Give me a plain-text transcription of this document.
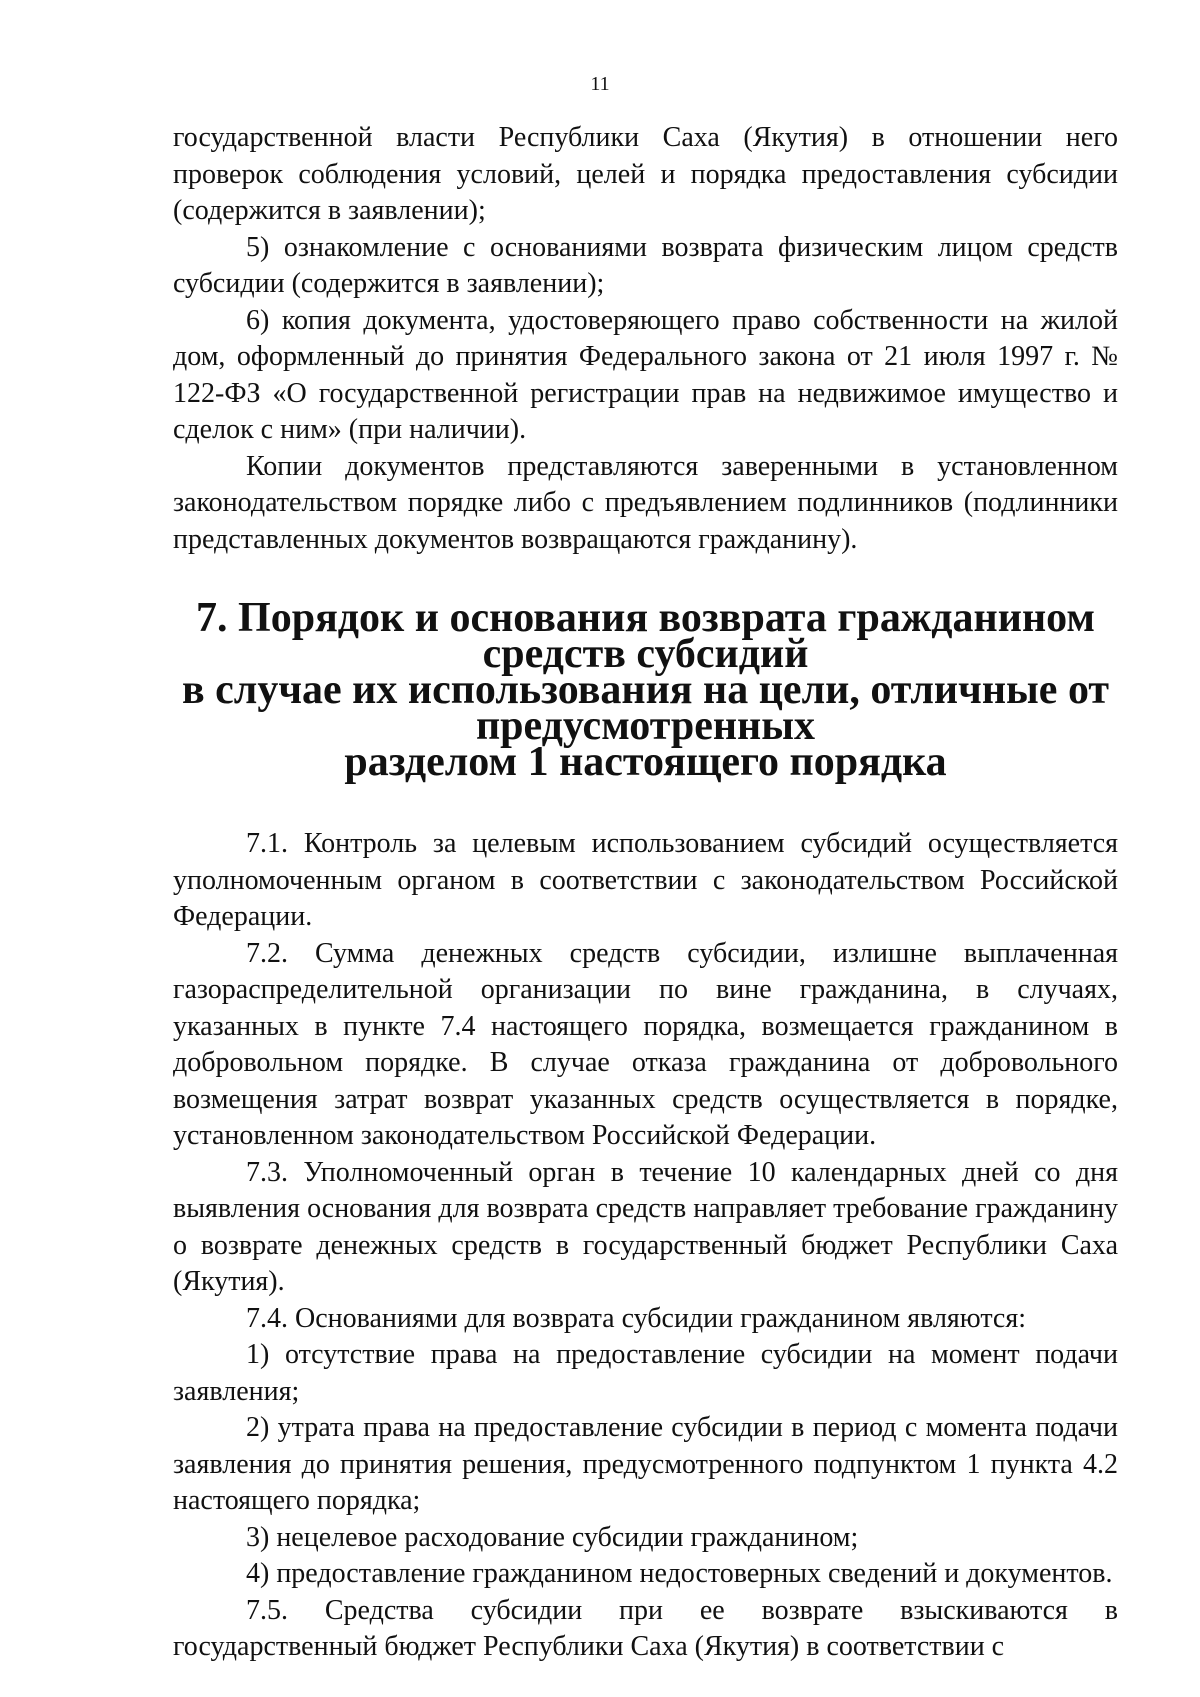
11

государственной власти Республики Саха (Якутия) в отношении него проверок соблюдения условий, целей и порядка предоставления субсидии (содержится в заявлении);

5) ознакомление с основаниями возврата физическим лицом средств субсидии (содержится в заявлении);

6) копия документа, удостоверяющего право собственности на жилой дом, оформленный до принятия Федерального закона от 21 июля 1997 г. № 122-ФЗ «О государственной регистрации прав на недвижимое имущество и сделок с ним» (при наличии).

Копии документов представляются заверенными в установленном законодательством порядке либо с предъявлением подлинников (подлинники представленных документов возвращаются гражданину).

7. Порядок и основания возврата гражданином средств субсидий
в случае их использования на цели, отличные от предусмотренных
разделом 1 настоящего порядка

7.1. Контроль за целевым использованием субсидий осуществляется уполномоченным органом в соответствии с законодательством Российской Федерации.

7.2. Сумма денежных средств субсидии, излишне выплаченная газораспределительной организации по вине гражданина, в случаях, указанных в пункте 7.4 настоящего порядка, возмещается гражданином в добровольном порядке. В случае отказа гражданина от добровольного возмещения затрат возврат указанных средств осуществляется в порядке, установленном законодательством Российской Федерации.

7.3. Уполномоченный орган в течение 10 календарных дней со дня выявления основания для возврата средств направляет требование гражданину о возврате денежных средств в государственный бюджет Республики Саха (Якутия).

7.4. Основаниями для возврата субсидии гражданином являются:

1) отсутствие права на предоставление субсидии на момент подачи заявления;

2) утрата права на предоставление субсидии в период с момента подачи заявления до принятия решения, предусмотренного подпунктом 1 пункта 4.2 настоящего порядка;

3) нецелевое расходование субсидии гражданином;

4) предоставление гражданином недостоверных сведений и документов.

7.5. Средства субсидии при ее возврате взыскиваются в государственный бюджет Республики Саха (Якутия) в соответствии с
